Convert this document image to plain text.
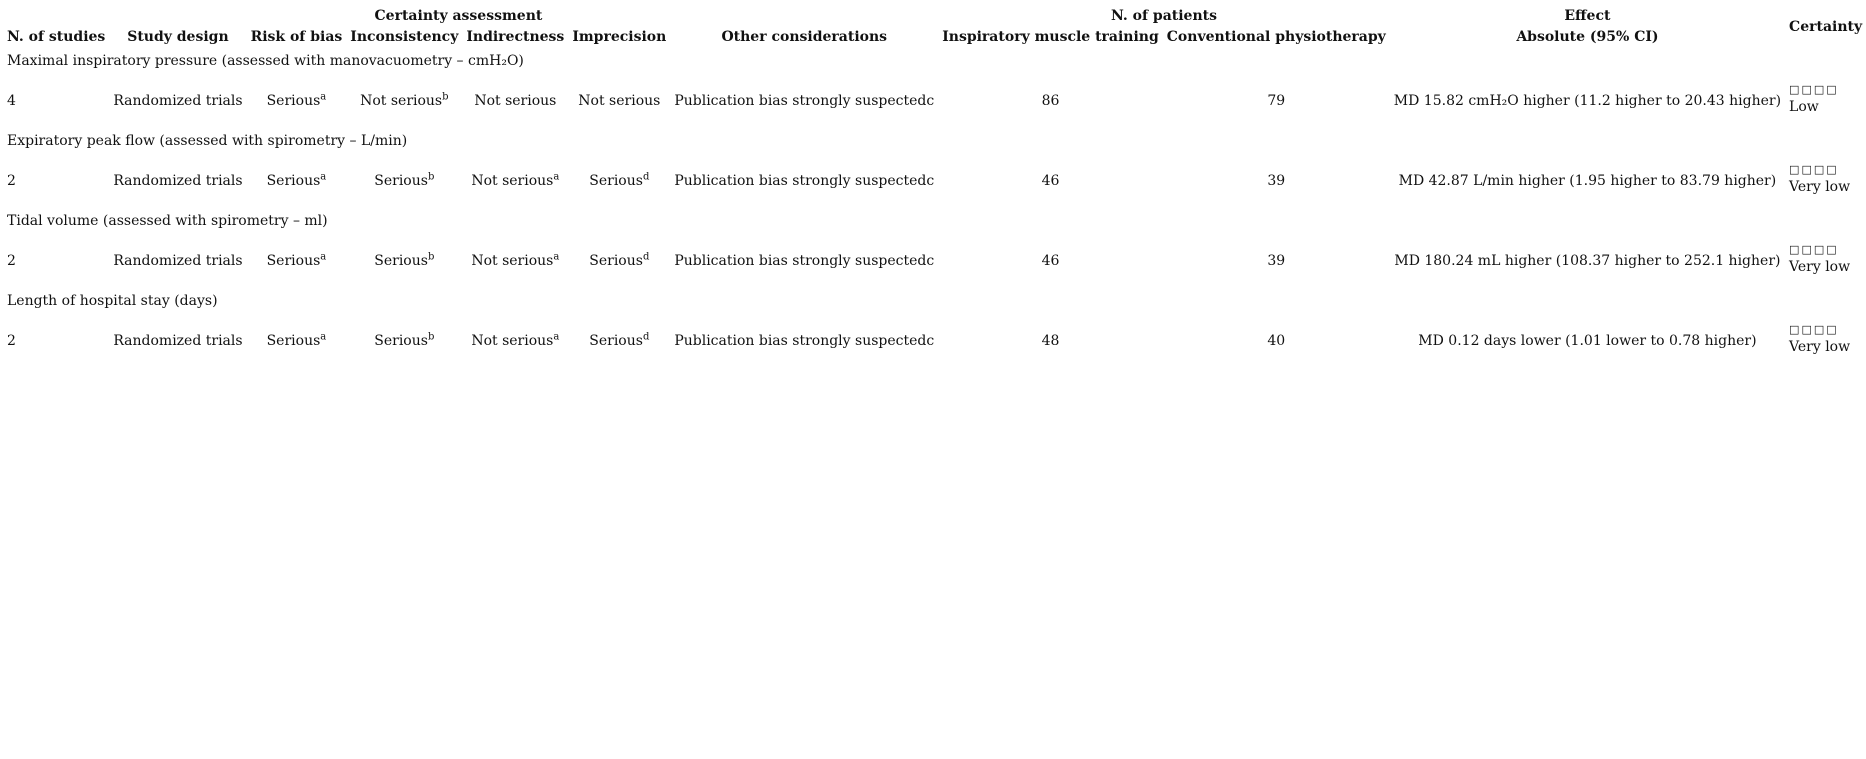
		Certainty assessment					N. of patients		Effect	Certainty
N. of studies	Study design	Risk of bias	Inconsistency	Indirectness	Imprecision	Other considerations	Inspiratory muscle training	Conventional physiotherapy	Absolute (95% CI)	
Maximal inspiratory pressure (assessed with manovacuometry – cmH₂O)										
4	Randomized trials	Serious$^a$	Not serious$^b$	Not serious	Not serious	Publication bias strongly suspectedc	86	79	MD 15.82 cmH₂O higher (11.2 higher to 20.43 higher)	□□□□
Low

Expiratory peak flow (assessed with spirometry – L/min)										
2	Randomized trials	Serious$^a$	Serious$^b$	Not serious$^a$	Serious$^d$	Publication bias strongly suspectedc	46	39	MD 42.87 L/min higher (1.95 higher to 83.79 higher)	□□□□
Very low

Tidal volume (assessed with spirometry – ml)										
2	Randomized trials	Serious$^a$	Serious$^b$	Not serious$^a$	Serious$^d$	Publication bias strongly suspectedc	46	39	MD 180.24 mL higher (108.37 higher to 252.1 higher)	□□□□
Very low

Length of hospital stay (days)										
2	Randomized trials	Serious$^a$	Serious$^b$	Not serious$^a$	Serious$^d$	Publication bias strongly suspectedc	48	40	MD 0.12 days lower (1.01 lower to 0.78 higher)	□□□□
Very low
